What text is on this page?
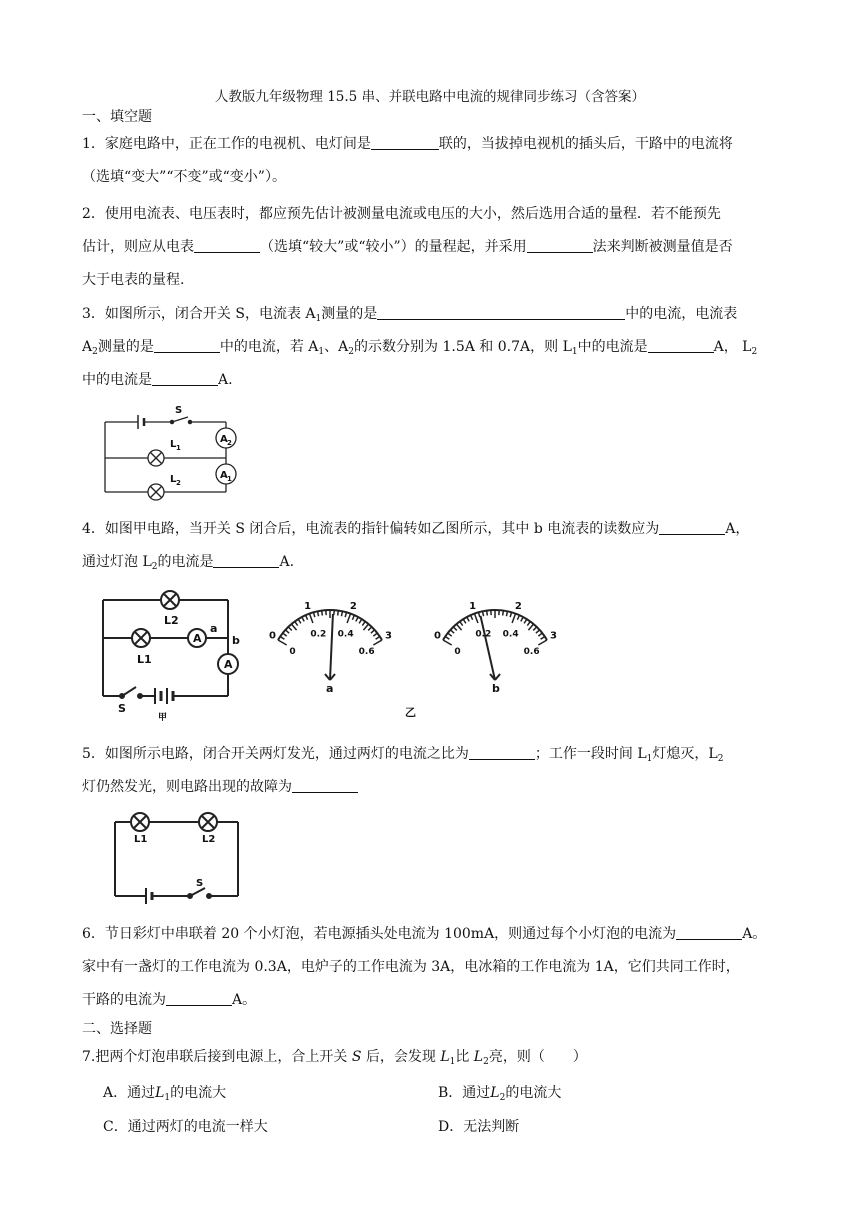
人教版九年级物理 15.5 串、并联电路中电流的规律同步练习（含答案）
一、填空题
1．家庭电路中，正在工作的电视机、电灯间是	联的，当拔掉电视机的插头后，干路中的电流将
（选填“变大”“不变”或“变小”）。
2．使用电流表、电压表时，都应预先估计被测量电流或电压的大小，然后选用合适的量程．若不能预先
估计，则应从电表	（选填“较大”或“较小”）的量程起，并采用	法来判断被测量值是否
大于电表的量程.
3．如图所示，闭合开关 S，电流表 $A_1$测量的是	中的电流，电流表
$A_2$测量的是	中的电流，若 $A_1$、$A_2$的示数分别为 1.5A 和 0.7A，则 $L_1$中的电流是	A， $L_2$
中的电流是	A.
S
L 1
L 2
A 2
A 1
4．如图甲电路，当开关 S 闭合后，电流表的指针偏转如乙图所示，其中 b 电流表的读数应为	A，
通过灯泡 $L_2$的电流是	A.
L2
L1
A
A
a
b
S
甲
0
1	2
3
0
0.2 0.4
0.6
0
1	2
3
0
0.2 0.4
0.6
a	b
乙
5．如图所示电路，闭合开关两灯发光，通过两灯的电流之比为	；工作一段时间 $L_1$灯熄灭，$L_2$
灯仍然发光，则电路出现的故障为
L1	L2
S
6．节日彩灯中串联着 20 个小灯泡，若电源插头处电流为 100mA，则通过每个小灯泡的电流为	A。
家中有一盏灯的工作电流为 0.3A，电炉子的工作电流为 3A，电冰箱的工作电流为 1A，它们共同工作时，
干路的电流为	A。
二、选择题
7.把两个灯泡串联后接到电源上，合上开关 S 后，会发现 $L_1$比 $L_2$亮，则（　　）
A．通过$L_1$的电流大	B．通过$L_2$的电流大
C．通过两灯的电流一样大	D．无法判断
